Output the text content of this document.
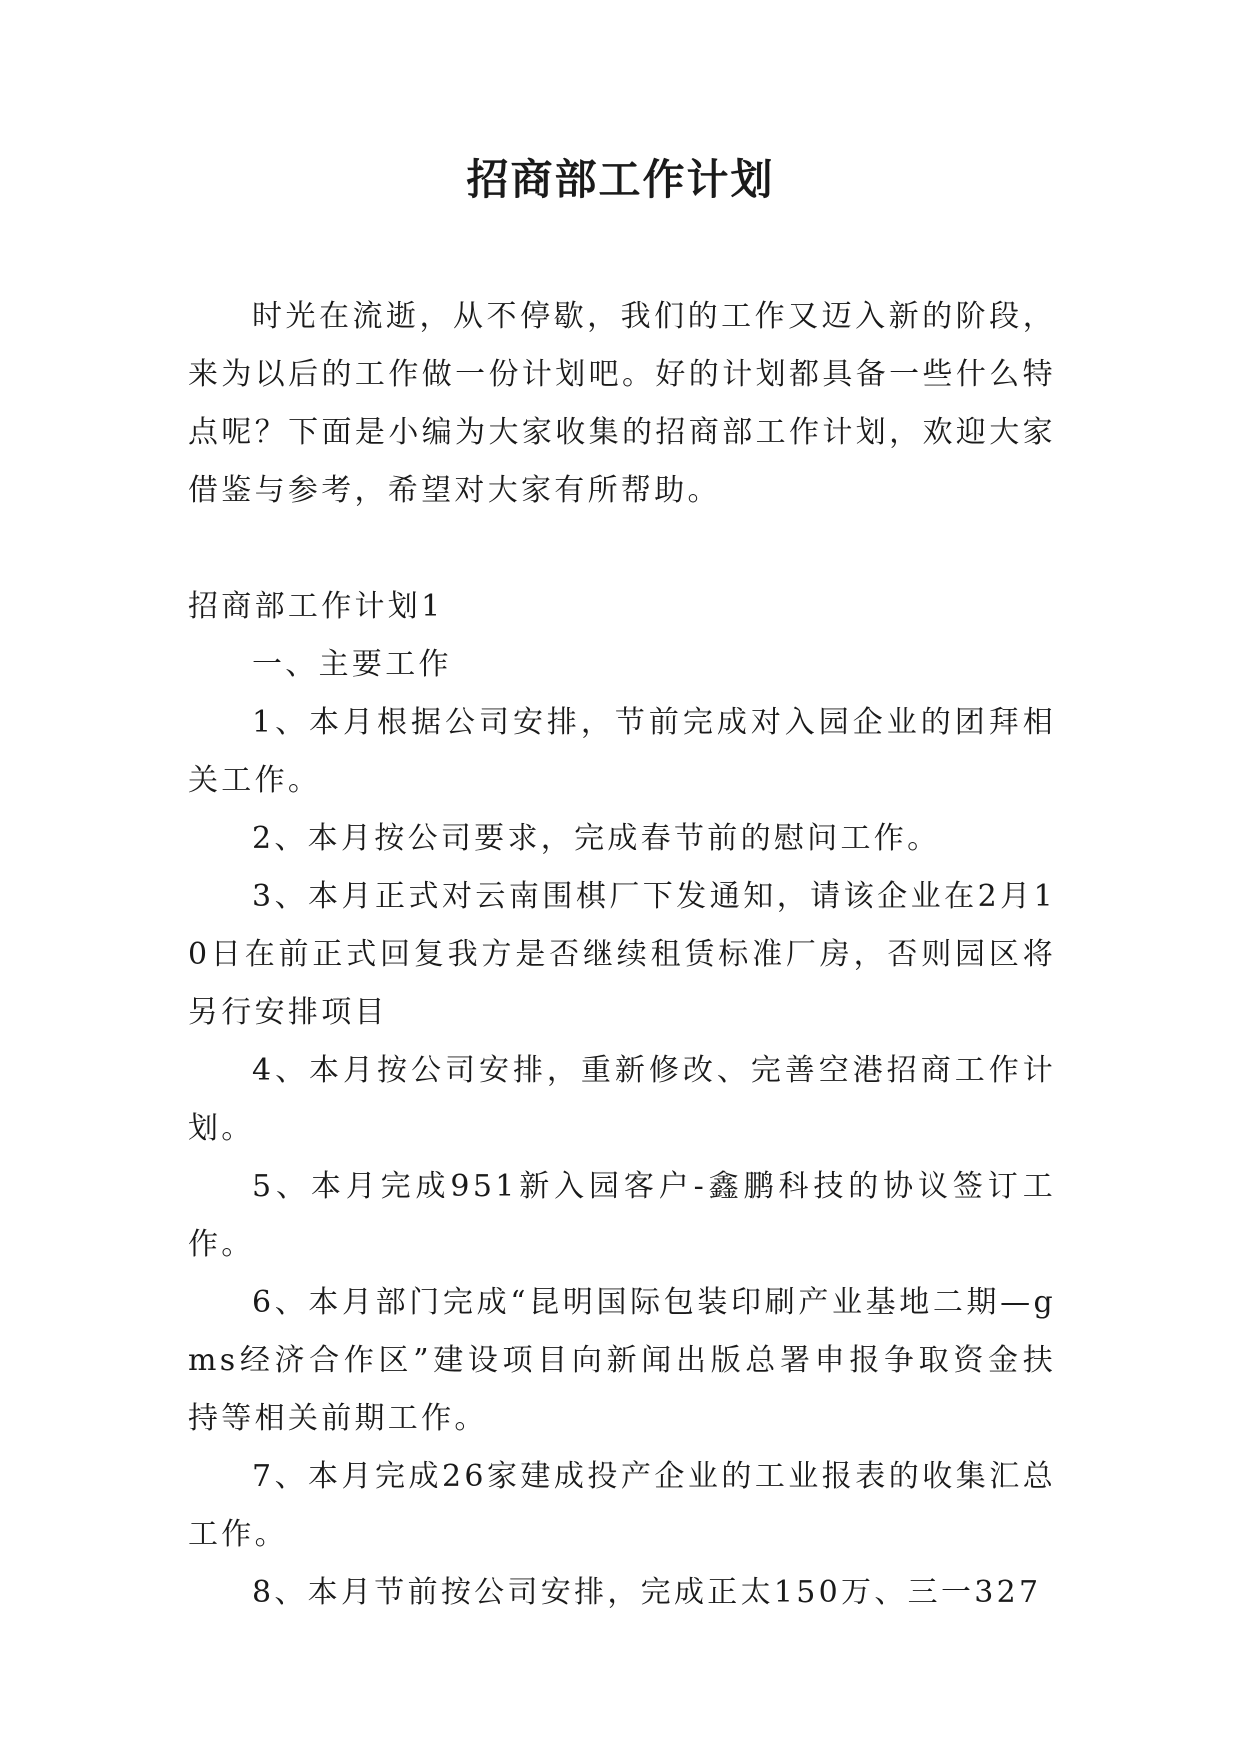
招商部工作计划

时光在流逝，从不停歇，我们的工作又迈入新的阶段，来为以后的工作做一份计划吧。好的计划都具备一些什么特点呢？下面是小编为大家收集的招商部工作计划，欢迎大家借鉴与参考，希望对大家有所帮助。

招商部工作计划1

一、主要工作

1、本月根据公司安排，节前完成对入园企业的团拜相关工作。

2、本月按公司要求，完成春节前的慰问工作。

3、本月正式对云南围棋厂下发通知，请该企业在2月10日在前正式回复我方是否继续租赁标准厂房，否则园区将另行安排项目

4、本月按公司安排，重新修改、完善空港招商工作计划。

5、本月完成951新入园客户-鑫鹏科技的协议签订工作。

6、本月部门完成“昆明国际包装印刷产业基地二期—gms经济合作区”建设项目向新闻出版总署申报争取资金扶持等相关前期工作。

7、本月完成26家建成投产企业的工业报表的收集汇总工作。

8、本月节前按公司安排，完成正太150万、三一327
